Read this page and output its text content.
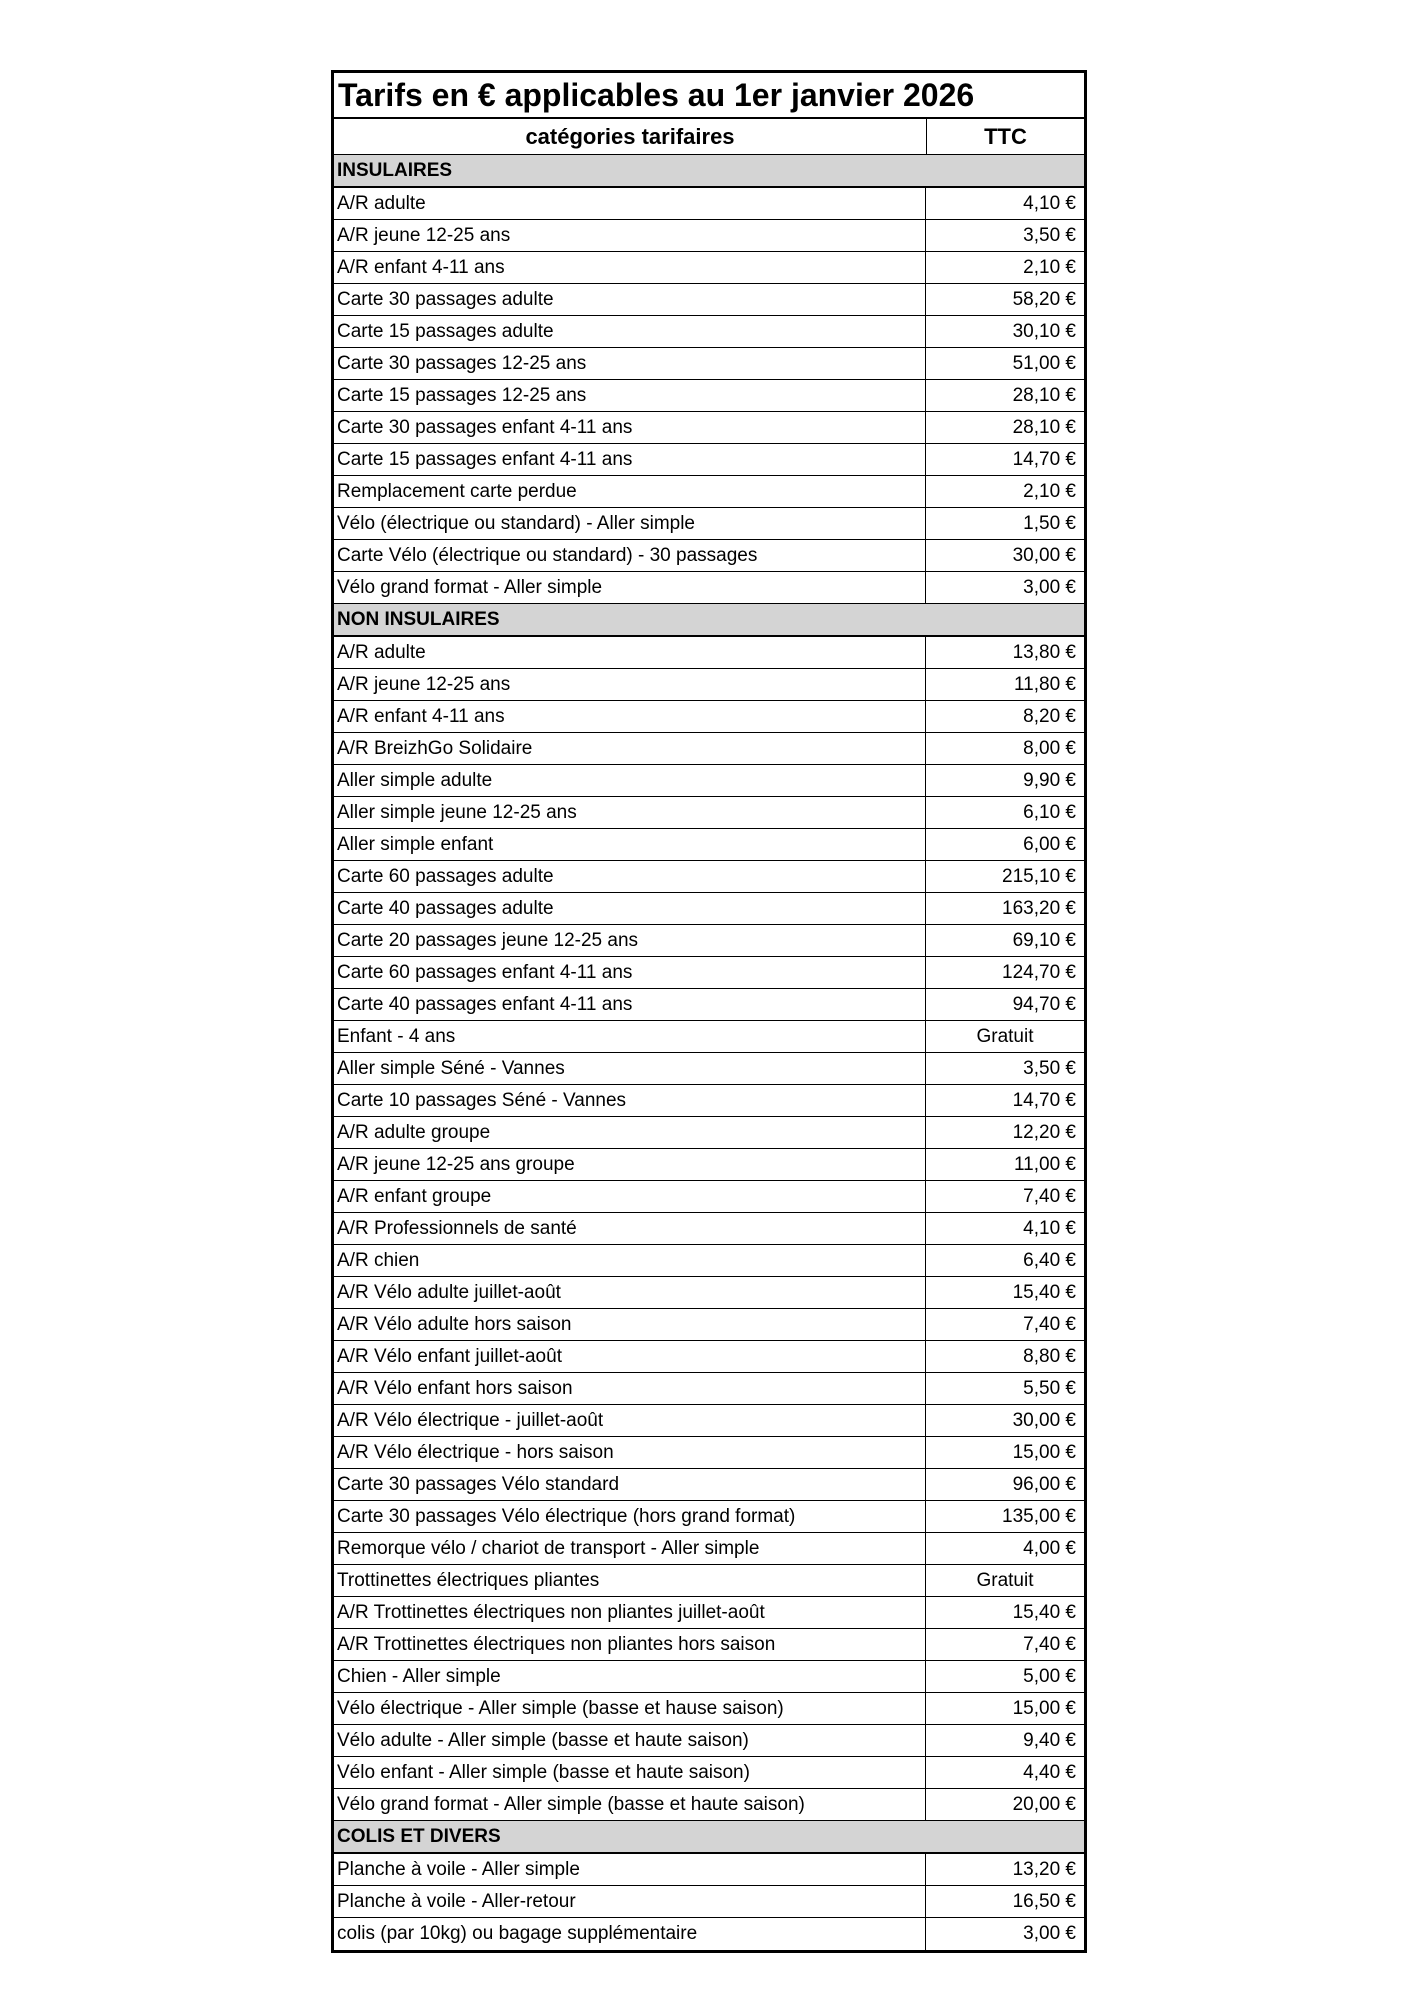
Tarifs en € applicables au 1er janvier 2026
catégories tarifaires	TTC
INSULAIRES
A/R adulte	4,10 €
A/R jeune 12-25 ans	3,50 €
A/R enfant 4-11 ans	2,10 €
Carte 30 passages adulte	58,20 €
Carte 15 passages adulte	30,10 €
Carte 30 passages 12-25 ans	51,00 €
Carte 15 passages 12-25 ans	28,10 €
Carte 30 passages enfant 4-11 ans	28,10 €
Carte 15 passages enfant 4-11 ans	14,70 €
Remplacement carte perdue	2,10 €
Vélo (électrique ou standard) - Aller simple	1,50 €
Carte Vélo (électrique ou standard) - 30 passages	30,00 €
Vélo grand format - Aller simple	3,00 €
NON INSULAIRES
A/R adulte	13,80 €
A/R jeune 12-25 ans	11,80 €
A/R enfant 4-11 ans	8,20 €
A/R BreizhGo Solidaire	8,00 €
Aller simple adulte	9,90 €
Aller simple jeune 12-25 ans	6,10 €
Aller simple enfant	6,00 €
Carte 60 passages adulte	215,10 €
Carte 40 passages adulte	163,20 €
Carte 20 passages jeune 12-25 ans	69,10 €
Carte 60 passages enfant 4-11 ans	124,70 €
Carte 40 passages enfant 4-11 ans	94,70 €
Enfant - 4 ans	Gratuit
Aller simple Séné - Vannes	3,50 €
Carte 10 passages Séné - Vannes	14,70 €
A/R adulte groupe	12,20 €
A/R jeune 12-25 ans groupe	11,00 €
A/R enfant groupe	7,40 €
A/R Professionnels de santé	4,10 €
A/R chien	6,40 €
A/R Vélo adulte juillet-août	15,40 €
A/R Vélo adulte hors saison	7,40 €
A/R Vélo enfant juillet-août	8,80 €
A/R Vélo enfant hors saison	5,50 €
A/R Vélo électrique - juillet-août	30,00 €
A/R Vélo électrique - hors saison	15,00 €
Carte 30 passages Vélo standard	96,00 €
Carte 30 passages Vélo électrique (hors grand format)	135,00 €
Remorque vélo / chariot de transport - Aller simple	4,00 €
Trottinettes électriques pliantes	Gratuit
A/R Trottinettes électriques non pliantes juillet-août	15,40 €
A/R Trottinettes électriques non pliantes hors saison	7,40 €
Chien - Aller simple	5,00 €
Vélo électrique - Aller simple (basse et hause saison)	15,00 €
Vélo adulte - Aller simple (basse et haute saison)	9,40 €
Vélo enfant - Aller simple (basse et haute saison)	4,40 €
Vélo grand format - Aller simple (basse et haute saison)	20,00 €
COLIS ET DIVERS
Planche à voile - Aller simple	13,20 €
Planche à voile - Aller-retour	16,50 €
colis (par 10kg) ou bagage supplémentaire	3,00 €
